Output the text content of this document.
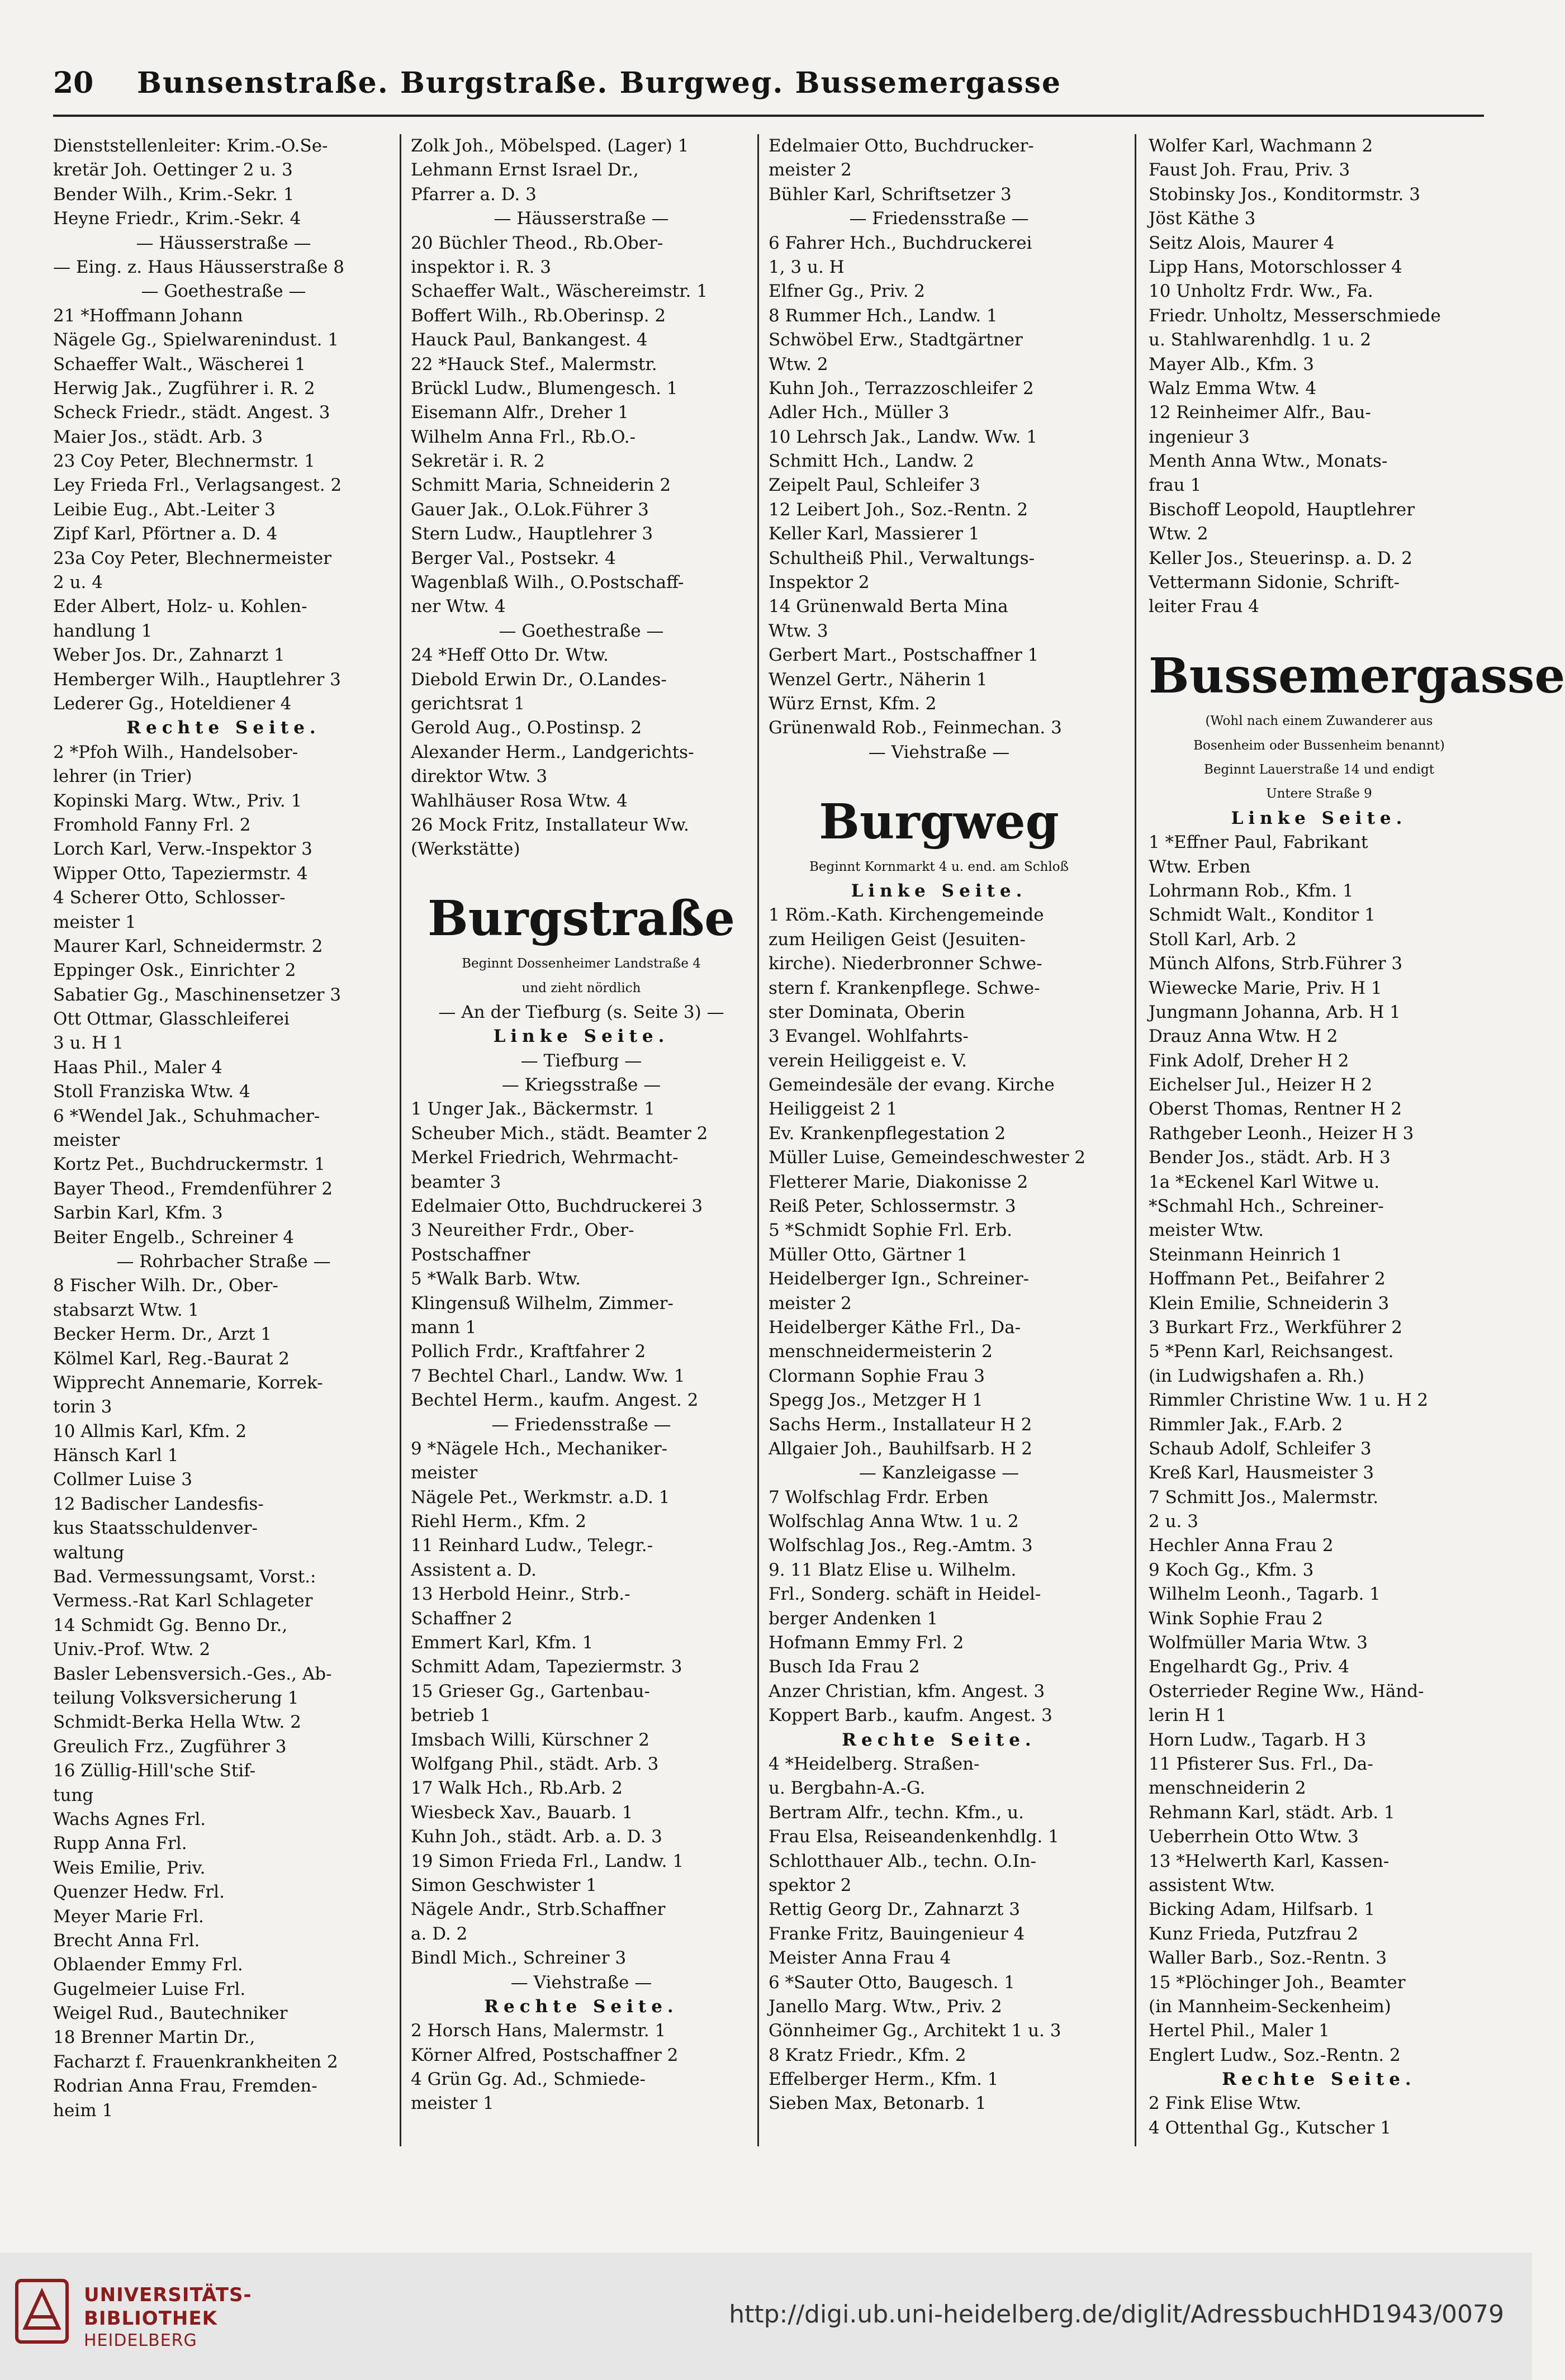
20 Bunsenstraße. Burgstraße. Burgweg. Bussemergasse
Dienststellenleiter: Krim.-O.Se-
kretär Joh. Oettinger 2 u. 3
Bender Wilh., Krim.-Sekr. 1
Heyne Friedr., Krim.-Sekr. 4
— Häusserstraße —
— Eing. z. Haus Häusserstraße 8
— Goethestraße —
21 *Hoffmann Johann
Nägele Gg., Spielwarenindust. 1
Schaeffer Walt., Wäscherei 1
Herwig Jak., Zugführer i. R. 2
Scheck Friedr., städt. Angest. 3
Maier Jos., städt. Arb. 3
23 Coy Peter, Blechnermstr. 1
Ley Frieda Frl., Verlagsangest. 2
Leibie Eug., Abt.-Leiter 3
Zipf Karl, Pförtner a. D. 4
23a Coy Peter, Blechnermeister
2 u. 4
Eder Albert, Holz- u. Kohlen-
handlung 1
Weber Jos. Dr., Zahnarzt 1
Hemberger Wilh., Hauptlehrer 3
Lederer Gg., Hoteldiener 4
Rechte Seite.
2 *Pfoh Wilh., Handelsober-
lehrer (in Trier)
Kopinski Marg. Wtw., Priv. 1
Fromhold Fanny Frl. 2
Lorch Karl, Verw.-Inspektor 3
Wipper Otto, Tapeziermstr. 4
4 Scherer Otto, Schlosser-
meister 1
Maurer Karl, Schneidermstr. 2
Eppinger Osk., Einrichter 2
Sabatier Gg., Maschinensetzer 3
Ott Ottmar, Glasschleiferei
3 u. H 1
Haas Phil., Maler 4
Stoll Franziska Wtw. 4
6 *Wendel Jak., Schuhmacher-
meister
Kortz Pet., Buchdruckermstr. 1
Bayer Theod., Fremdenführer 2
Sarbin Karl, Kfm. 3
Beiter Engelb., Schreiner 4
— Rohrbacher Straße —
8 Fischer Wilh. Dr., Ober-
stabsarzt Wtw. 1
Becker Herm. Dr., Arzt 1
Kölmel Karl, Reg.-Baurat 2
Wipprecht Annemarie, Korrek-
torin 3
10 Allmis Karl, Kfm. 2
Hänsch Karl 1
Collmer Luise 3
12 Badischer Landesfis-
kus Staatsschuldenver-
waltung
Bad. Vermessungsamt, Vorst.:
Vermess.-Rat Karl Schlageter
14 Schmidt Gg. Benno Dr.,
Univ.-Prof. Wtw. 2
Basler Lebensversich.-Ges., Ab-
teilung Volksversicherung 1
Schmidt-Berka Hella Wtw. 2
Greulich Frz., Zugführer 3
16 Züllig-Hill'sche Stif-
tung
Wachs Agnes Frl.
Rupp Anna Frl.
Weis Emilie, Priv.
Quenzer Hedw. Frl.
Meyer Marie Frl.
Brecht Anna Frl.
Oblaender Emmy Frl.
Gugelmeier Luise Frl.
Weigel Rud., Bautechniker
18 Brenner Martin Dr.,
Facharzt f. Frauenkrankheiten 2
Rodrian Anna Frau, Fremden-
heim 1
Zolk Joh., Möbelsped. (Lager) 1
Lehmann Ernst Israel Dr.,
Pfarrer a. D. 3
— Häusserstraße —
20 Büchler Theod., Rb.Ober-
inspektor i. R. 3
Schaeffer Walt., Wäschereimstr. 1
Boffert Wilh., Rb.Oberinsp. 2
Hauck Paul, Bankangest. 4
22 *Hauck Stef., Malermstr.
Brückl Ludw., Blumengesch. 1
Eisemann Alfr., Dreher 1
Wilhelm Anna Frl., Rb.O.-
Sekretär i. R. 2
Schmitt Maria, Schneiderin 2
Gauer Jak., O.Lok.Führer 3
Stern Ludw., Hauptlehrer 3
Berger Val., Postsekr. 4
Wagenblaß Wilh., O.Postschaff-
ner Wtw. 4
— Goethestraße —
24 *Heff Otto Dr. Wtw.
Diebold Erwin Dr., O.Landes-
gerichtsrat 1
Gerold Aug., O.Postinsp. 2
Alexander Herm., Landgerichts-
direktor Wtw. 3
Wahlhäuser Rosa Wtw. 4
26 Mock Fritz, Installateur Ww.
(Werkstätte)
Burgstraße
Beginnt Dossenheimer Landstraße 4
und zieht nördlich
— An der Tiefburg (s. Seite 3) —
Linke Seite.
— Tiefburg —
— Kriegsstraße —
1 Unger Jak., Bäckermstr. 1
Scheuber Mich., städt. Beamter 2
Merkel Friedrich, Wehrmacht-
beamter 3
Edelmaier Otto, Buchdruckerei 3
3 Neureither Frdr., Ober-
Postschaffner
5 *Walk Barb. Wtw.
Klingensuß Wilhelm, Zimmer-
mann 1
Pollich Frdr., Kraftfahrer 2
7 Bechtel Charl., Landw. Ww. 1
Bechtel Herm., kaufm. Angest. 2
— Friedensstraße —
9 *Nägele Hch., Mechaniker-
meister
Nägele Pet., Werkmstr. a.D. 1
Riehl Herm., Kfm. 2
11 Reinhard Ludw., Telegr.-
Assistent a. D.
13 Herbold Heinr., Strb.-
Schaffner 2
Emmert Karl, Kfm. 1
Schmitt Adam, Tapeziermstr. 3
15 Grieser Gg., Gartenbau-
betrieb 1
Imsbach Willi, Kürschner 2
Wolfgang Phil., städt. Arb. 3
17 Walk Hch., Rb.Arb. 2
Wiesbeck Xav., Bauarb. 1
Kuhn Joh., städt. Arb. a. D. 3
19 Simon Frieda Frl., Landw. 1
Simon Geschwister 1
Nägele Andr., Strb.Schaffner
a. D. 2
Bindl Mich., Schreiner 3
— Viehstraße —
Rechte Seite.
2 Horsch Hans, Malermstr. 1
Körner Alfred, Postschaffner 2
4 Grün Gg. Ad., Schmiede-
meister 1
Edelmaier Otto, Buchdrucker-
meister 2
Bühler Karl, Schriftsetzer 3
— Friedensstraße —
6 Fahrer Hch., Buchdruckerei
1, 3 u. H
Elfner Gg., Priv. 2
8 Rummer Hch., Landw. 1
Schwöbel Erw., Stadtgärtner
Wtw. 2
Kuhn Joh., Terrazzoschleifer 2
Adler Hch., Müller 3
10 Lehrsch Jak., Landw. Ww. 1
Schmitt Hch., Landw. 2
Zeipelt Paul, Schleifer 3
12 Leibert Joh., Soz.-Rentn. 2
Keller Karl, Massierer 1
Schultheiß Phil., Verwaltungs-
Inspektor 2
14 Grünenwald Berta Mina
Wtw. 3
Gerbert Mart., Postschaffner 1
Wenzel Gertr., Näherin 1
Würz Ernst, Kfm. 2
Grünenwald Rob., Feinmechan. 3
— Viehstraße —
Burgweg
Beginnt Kornmarkt 4 u. end. am Schloß
Linke Seite.
1 Röm.-Kath. Kirchengemeinde
zum Heiligen Geist (Jesuiten-
kirche). Niederbronner Schwe-
stern f. Krankenpflege. Schwe-
ster Dominata, Oberin
3 Evangel. Wohlfahrts-
verein Heiliggeist e. V.
Gemeindesäle der evang. Kirche
Heiliggeist 2 1
Ev. Krankenpflegestation 2
Müller Luise, Gemeindeschwester 2
Fletterer Marie, Diakonisse 2
Reiß Peter, Schlossermstr. 3
5 *Schmidt Sophie Frl. Erb.
Müller Otto, Gärtner 1
Heidelberger Ign., Schreiner-
meister 2
Heidelberger Käthe Frl., Da-
menschneidermeisterin 2
Clormann Sophie Frau 3
Spegg Jos., Metzger H 1
Sachs Herm., Installateur H 2
Allgaier Joh., Bauhilfsarb. H 2
— Kanzleigasse —
7 Wolfschlag Frdr. Erben
Wolfschlag Anna Wtw. 1 u. 2
Wolfschlag Jos., Reg.-Amtm. 3
9. 11 Blatz Elise u. Wilhelm.
Frl., Sonderg. schäft in Heidel-
berger Andenken 1
Hofmann Emmy Frl. 2
Busch Ida Frau 2
Anzer Christian, kfm. Angest. 3
Koppert Barb., kaufm. Angest. 3
Rechte Seite.
4 *Heidelberg. Straßen-
u. Bergbahn-A.-G.
Bertram Alfr., techn. Kfm., u.
Frau Elsa, Reiseandenkenhdlg. 1
Schlotthauer Alb., techn. O.In-
spektor 2
Rettig Georg Dr., Zahnarzt 3
Franke Fritz, Bauingenieur 4
Meister Anna Frau 4
6 *Sauter Otto, Baugesch. 1
Janello Marg. Wtw., Priv. 2
Gönnheimer Gg., Architekt 1 u. 3
8 Kratz Friedr., Kfm. 2
Effelberger Herm., Kfm. 1
Sieben Max, Betonarb. 1
Wolfer Karl, Wachmann 2
Faust Joh. Frau, Priv. 3
Stobinsky Jos., Konditormstr. 3
Jöst Käthe 3
Seitz Alois, Maurer 4
Lipp Hans, Motorschlosser 4
10 Unholtz Frdr. Ww., Fa.
Friedr. Unholtz, Messerschmiede
u. Stahlwarenhdlg. 1 u. 2
Mayer Alb., Kfm. 3
Walz Emma Wtw. 4
12 Reinheimer Alfr., Bau-
ingenieur 3
Menth Anna Wtw., Monats-
frau 1
Bischoff Leopold, Hauptlehrer
Wtw. 2
Keller Jos., Steuerinsp. a. D. 2
Vettermann Sidonie, Schrift-
leiter Frau 4
Bussemergasse
(Wohl nach einem Zuwanderer aus
Bosenheim oder Bussenheim benannt)
Beginnt Lauerstraße 14 und endigt
Untere Straße 9
Linke Seite.
1 *Effner Paul, Fabrikant
Wtw. Erben
Lohrmann Rob., Kfm. 1
Schmidt Walt., Konditor 1
Stoll Karl, Arb. 2
Münch Alfons, Strb.Führer 3
Wiewecke Marie, Priv. H 1
Jungmann Johanna, Arb. H 1
Drauz Anna Wtw. H 2
Fink Adolf, Dreher H 2
Eichelser Jul., Heizer H 2
Oberst Thomas, Rentner H 2
Rathgeber Leonh., Heizer H 3
Bender Jos., städt. Arb. H 3
1a *Eckenel Karl Witwe u.
*Schmahl Hch., Schreiner-
meister Wtw.
Steinmann Heinrich 1
Hoffmann Pet., Beifahrer 2
Klein Emilie, Schneiderin 3
3 Burkart Frz., Werkführer 2
5 *Penn Karl, Reichsangest.
(in Ludwigshafen a. Rh.)
Rimmler Christine Ww. 1 u. H 2
Rimmler Jak., F.Arb. 2
Schaub Adolf, Schleifer 3
Kreß Karl, Hausmeister 3
7 Schmitt Jos., Malermstr.
2 u. 3
Hechler Anna Frau 2
9 Koch Gg., Kfm. 3
Wilhelm Leonh., Tagarb. 1
Wink Sophie Frau 2
Wolfmüller Maria Wtw. 3
Engelhardt Gg., Priv. 4
Osterrieder Regine Ww., Händ-
lerin H 1
Horn Ludw., Tagarb. H 3
11 Pfisterer Sus. Frl., Da-
menschneiderin 2
Rehmann Karl, städt. Arb. 1
Ueberrhein Otto Wtw. 3
13 *Helwerth Karl, Kassen-
assistent Wtw.
Bicking Adam, Hilfsarb. 1
Kunz Frieda, Putzfrau 2
Waller Barb., Soz.-Rentn. 3
15 *Plöchinger Joh., Beamter
(in Mannheim-Seckenheim)
Hertel Phil., Maler 1
Englert Ludw., Soz.-Rentn. 2
Rechte Seite.
2 Fink Elise Wtw.
4 Ottenthal Gg., Kutscher 1
UNIVERSITÄTS-
BIBLIOTHEK
HEIDELBERG
http://digi.ub.uni-heidelberg.de/diglit/AdressbuchHD1943/0079
